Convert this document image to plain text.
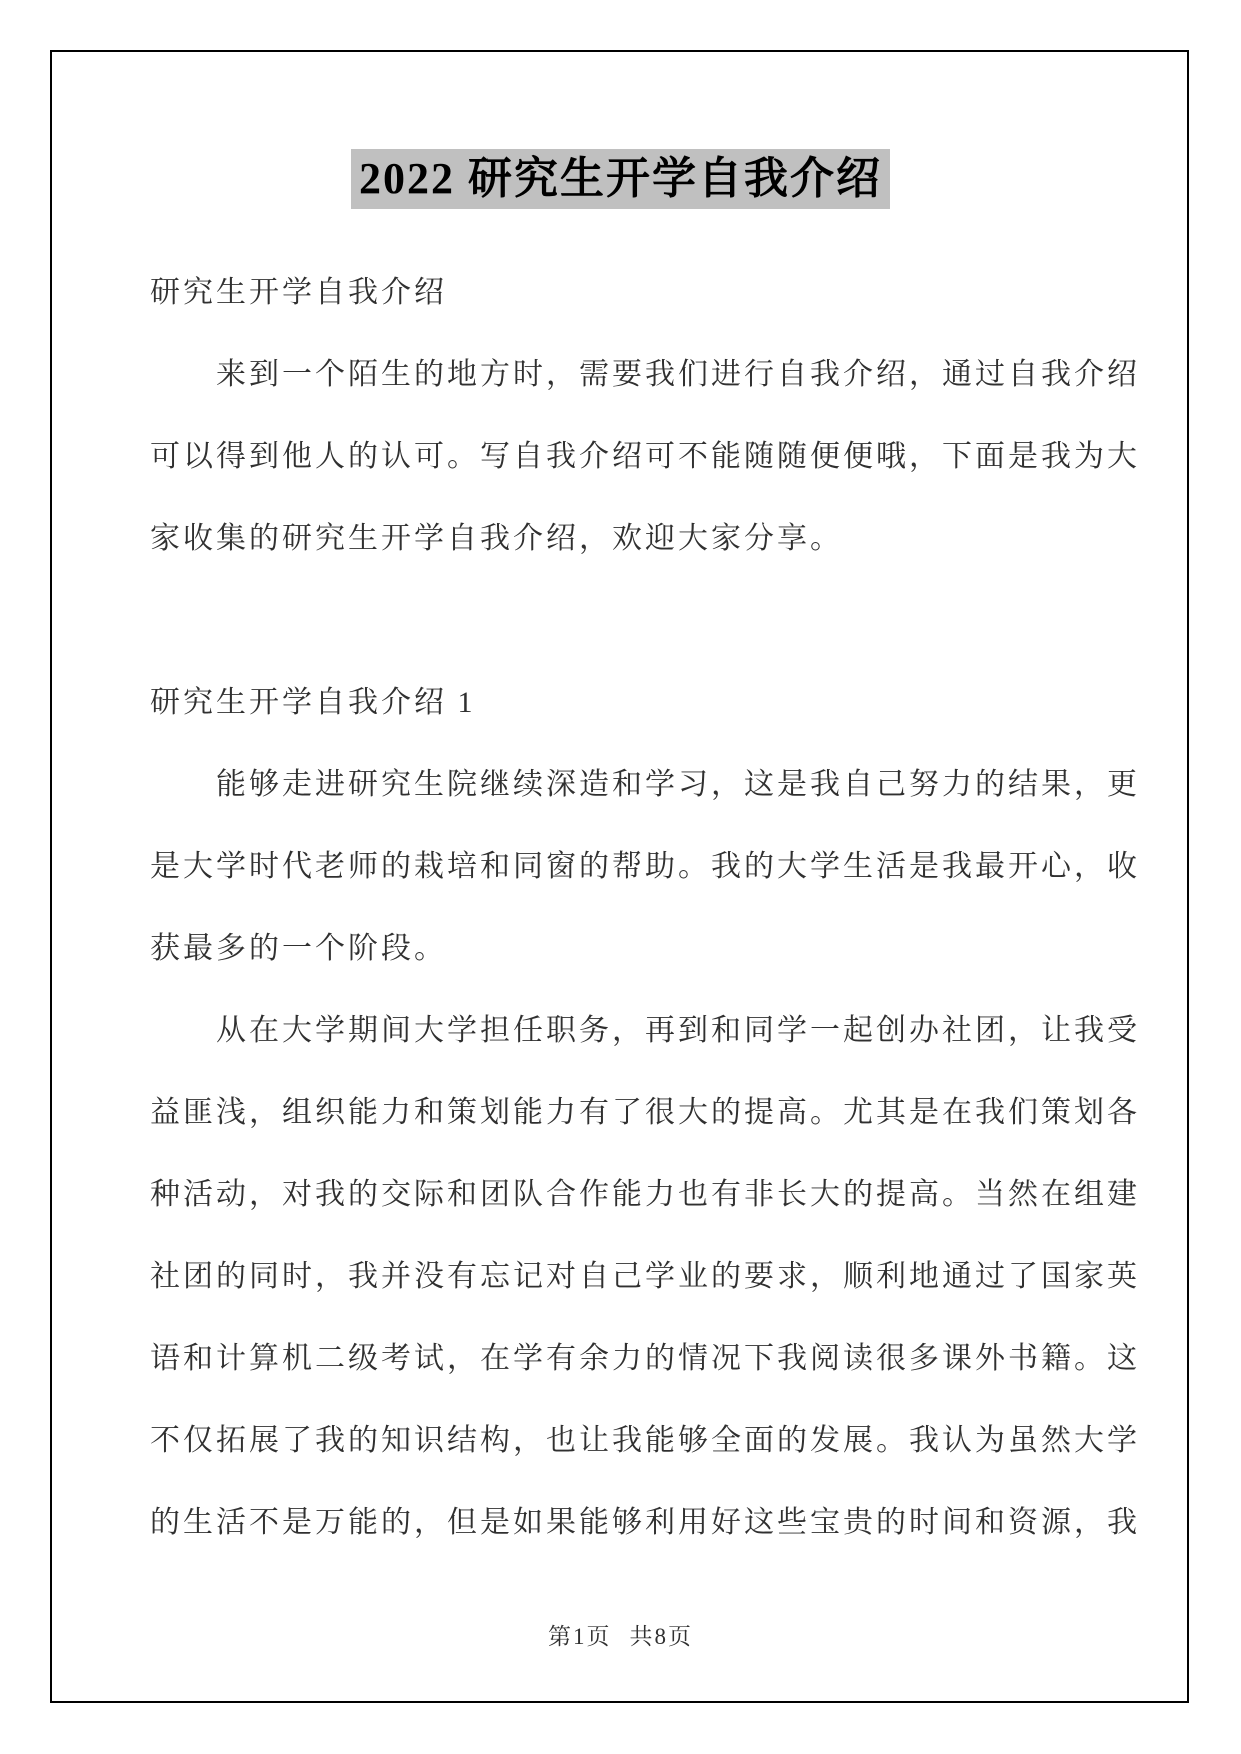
2022 研究生开学自我介绍
研究生开学自我介绍
来到一个陌生的地方时，需要我们进行自我介绍，通过自我介绍
可以得到他人的认可。写自我介绍可不能随随便便哦，下面是我为大
家收集的研究生开学自我介绍，欢迎大家分享。
研究生开学自我介绍 1
能够走进研究生院继续深造和学习，这是我自己努力的结果，更
是大学时代老师的栽培和同窗的帮助。我的大学生活是我最开心，收
获最多的一个阶段。
从在大学期间大学担任职务，再到和同学一起创办社团，让我受
益匪浅，组织能力和策划能力有了很大的提高。尤其是在我们策划各
种活动，对我的交际和团队合作能力也有非长大的提高。当然在组建
社团的同时，我并没有忘记对自己学业的要求，顺利地通过了国家英
语和计算机二级考试，在学有余力的情况下我阅读很多课外书籍。这
不仅拓展了我的知识结构，也让我能够全面的发展。我认为虽然大学
的生活不是万能的，但是如果能够利用好这些宝贵的时间和资源，我
第1页 共8页
